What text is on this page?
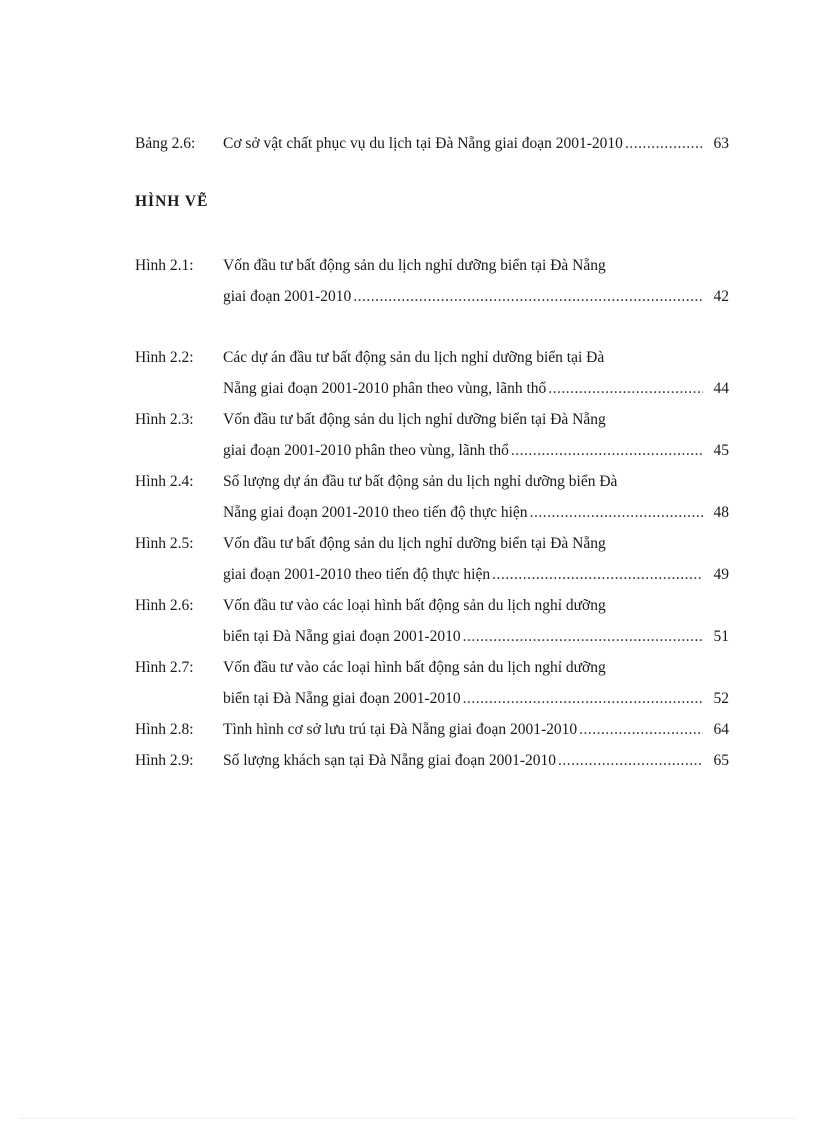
Bảng 2.6: Cơ sở vật chất phục vụ du lịch tại Đà Nẵng giai đoạn 2001-2010 .....	63
HÌNH VẼ
Hình 2.1: Vốn đầu tư bất động sản du lịch nghỉ dưỡng biển tại Đà Nẵng
giai đoạn 2001-2010 .....	42
Hình 2.2: Các dự án đầu tư bất động sản du lịch nghỉ dưỡng biển tại Đà
Nẵng giai đoạn 2001-2010 phân theo vùng, lãnh thổ .....	44
Hình 2.3: Vốn đầu tư bất động sản du lịch nghỉ dưỡng biển tại Đà Nẵng
giai đoạn 2001-2010 phân theo vùng, lãnh thổ .....	45
Hình 2.4: Số lượng dự án đầu tư bất động sản du lịch nghỉ dưỡng biển Đà
Nẵng giai đoạn 2001-2010 theo tiến độ thực hiện .....	48
Hình 2.5: Vốn đầu tư bất động sản du lịch nghỉ dưỡng biển tại Đà Nẵng
giai đoạn 2001-2010 theo tiến độ thực hiện .....	49
Hình 2.6: Vốn đầu tư vào các loại hình bất động sản du lịch nghỉ dưỡng
biển tại Đà Nẵng giai đoạn 2001-2010 .....	51
Hình 2.7: Vốn đầu tư vào các loại hình bất động sản du lịch nghỉ dưỡng
biển tại Đà Nẵng giai đoạn 2001-2010 .....	52
Hình 2.8: Tình hình cơ sở lưu trú tại Đà Nẵng giai đoạn 2001-2010 .....	64
Hình 2.9: Số lượng khách sạn tại Đà Nẵng giai đoạn 2001-2010 .....	65
